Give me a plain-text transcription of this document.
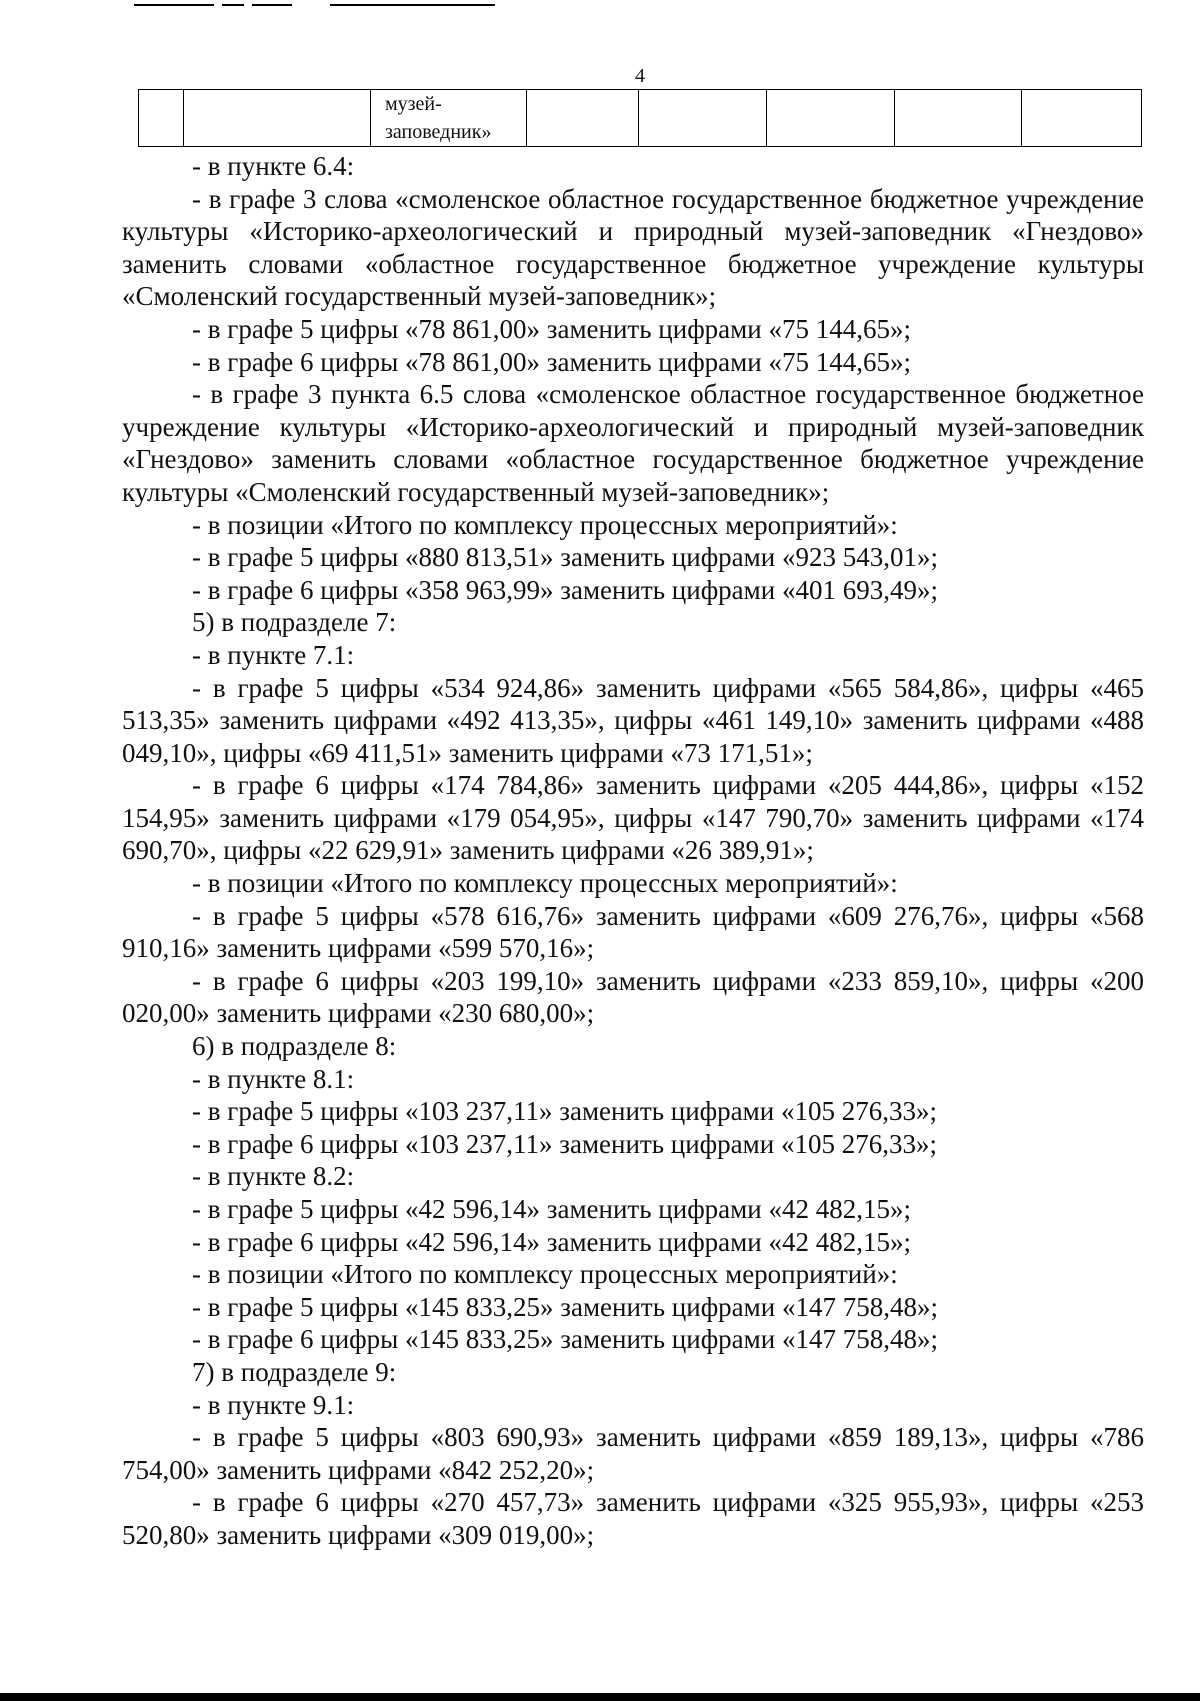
4
		музей-
заповедник»					

- в пункте 6.4:

- в графе 3 слова «смоленское областное государственное бюджетное учреждение культуры «Историко-археологический и природный музей-заповедник «Гнездово» заменить словами «областное государственное бюджетное учреждение культуры «Смоленский государственный музей-заповедник»;

- в графе 5 цифры «78 861,00» заменить цифрами «75 144,65»;

- в графе 6 цифры «78 861,00» заменить цифрами «75 144,65»;

- в графе 3 пункта 6.5 слова «смоленское областное государственное бюджетное учреждение культуры «Историко-археологический и природный музей-заповедник «Гнездово» заменить словами «областное государственное бюджетное учреждение культуры «Смоленский государственный музей-заповедник»;

- в позиции «Итого по комплексу процессных мероприятий»:

- в графе 5 цифры «880 813,51» заменить цифрами «923 543,01»;

- в графе 6 цифры «358 963,99» заменить цифрами «401 693,49»;

5) в подразделе 7:

- в пункте 7.1:

- в графе 5 цифры «534 924,86» заменить цифрами «565 584,86», цифры «465 513,35» заменить цифрами «492 413,35», цифры «461 149,10» заменить цифрами «488 049,10», цифры «69 411,51» заменить цифрами «73 171,51»;

- в графе 6 цифры «174 784,86» заменить цифрами «205 444,86», цифры «152 154,95» заменить цифрами «179 054,95», цифры «147 790,70» заменить цифрами «174 690,70», цифры «22 629,91» заменить цифрами «26 389,91»;

- в позиции «Итого по комплексу процессных мероприятий»:

- в графе 5 цифры «578 616,76» заменить цифрами «609 276,76», цифры «568 910,16» заменить цифрами «599 570,16»;

- в графе 6 цифры «203 199,10» заменить цифрами «233 859,10», цифры «200 020,00» заменить цифрами «230 680,00»;

6) в подразделе 8:

- в пункте 8.1:

- в графе 5 цифры «103 237,11» заменить цифрами «105 276,33»;

- в графе 6 цифры «103 237,11» заменить цифрами «105 276,33»;

- в пункте 8.2:

- в графе 5 цифры «42 596,14» заменить цифрами «42 482,15»;

- в графе 6 цифры «42 596,14» заменить цифрами «42 482,15»;

- в позиции «Итого по комплексу процессных мероприятий»:

- в графе 5 цифры «145 833,25» заменить цифрами «147 758,48»;

- в графе 6 цифры «145 833,25» заменить цифрами «147 758,48»;

7) в подразделе 9:

- в пункте 9.1:

- в графе 5 цифры «803 690,93» заменить цифрами «859 189,13», цифры «786 754,00» заменить цифрами «842 252,20»;

- в графе 6 цифры «270 457,73» заменить цифрами «325 955,93», цифры «253 520,80» заменить цифрами «309 019,00»;
